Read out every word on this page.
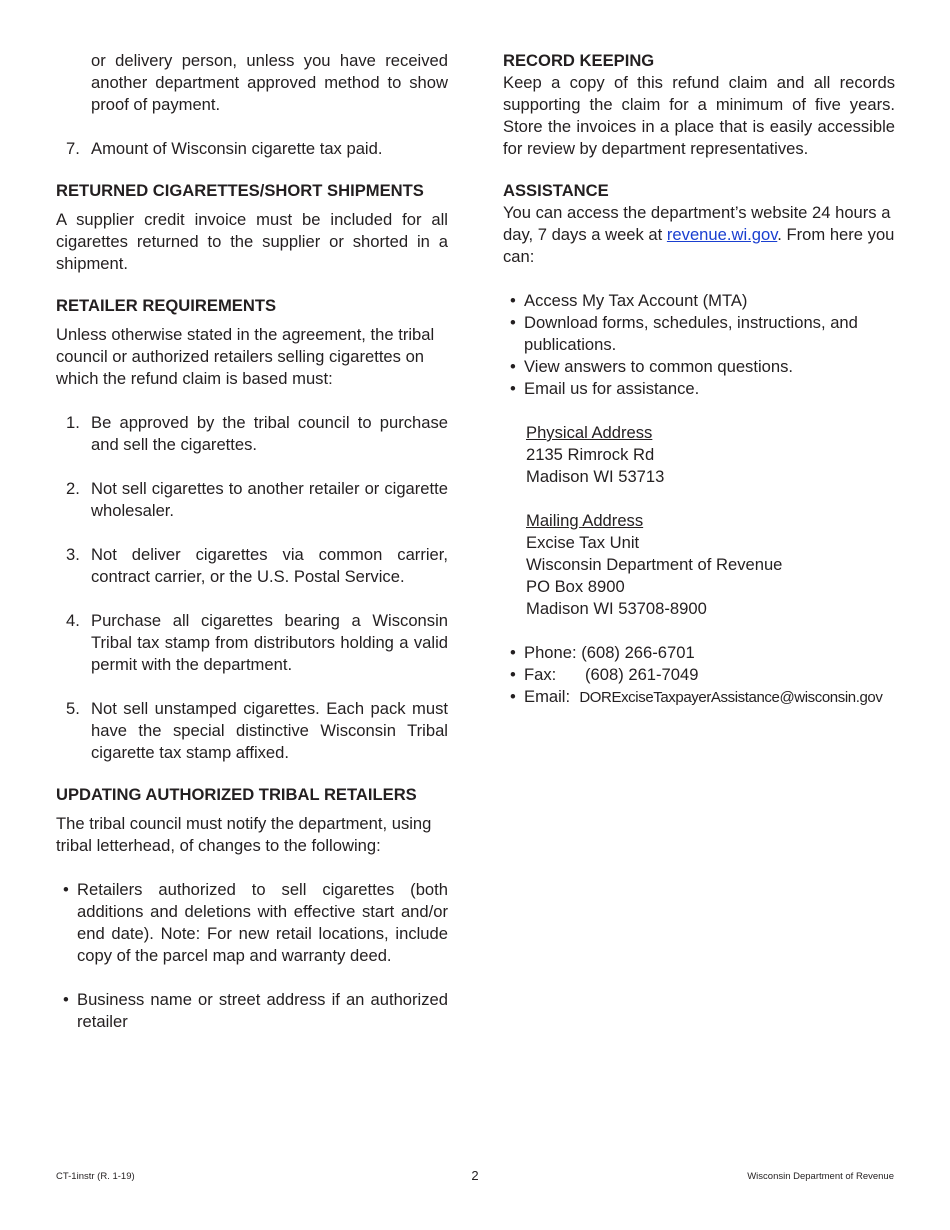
or delivery person, unless you have received another department approved method to show proof of payment.

7. Amount of Wisconsin cigarette tax paid.
RETURNED CIGARETTES/SHORT SHIPMENTS

A supplier credit invoice must be included for all cigarettes returned to the supplier or shorted in a shipment.

RETAILER REQUIREMENTS

Unless otherwise stated in the agreement, the tribal council or authorized retailers selling cigarettes on which the refund claim is based must:

1. Be approved by the tribal council to purchase and sell the cigarettes.
2. Not sell cigarettes to another retailer or cigarette wholesaler.
3. Not deliver cigarettes via common carrier, contract carrier, or the U.S. Postal Service.
4. Purchase all cigarettes bearing a Wisconsin Tribal tax stamp from distributors holding a valid permit with the department.
5. Not sell unstamped cigarettes. Each pack must have the special distinctive Wisconsin Tribal cigarette tax stamp affixed.
UPDATING AUTHORIZED TRIBAL RETAILERS

The tribal council must notify the department, using tribal letterhead, of changes to the following:

• Retailers authorized to sell cigarettes (both additions and deletions with effective start and/or end date). Note: For new retail locations, include copy of the parcel map and warranty deed.
• Business name or street address if an authorized retailer
RECORD KEEPING

Keep a copy of this refund claim and all records supporting the claim for a minimum of five years. Store the invoices in a place that is easily accessible for review by department representatives.

ASSISTANCE

You can access the department’s website 24 hours a day, 7 days a week at revenue.wi.gov. From here you can:

• Access My Tax Account (MTA)
• Download forms, schedules, instructions, and publications.
• View answers to common questions.
• Email us for assistance.
Physical Address
2135 Rimrock Rd
Madison WI 53713
Mailing Address
Excise Tax Unit
Wisconsin Department of Revenue
PO Box 8900
Madison WI 53708-8900
• Phone: (608) 266-6701
• Fax: (608) 261-7049
• Email: DORExciseTaxpayerAssistance@wisconsin.gov
CT-1instr (R. 1-19)	2	Wisconsin Department of Revenue
